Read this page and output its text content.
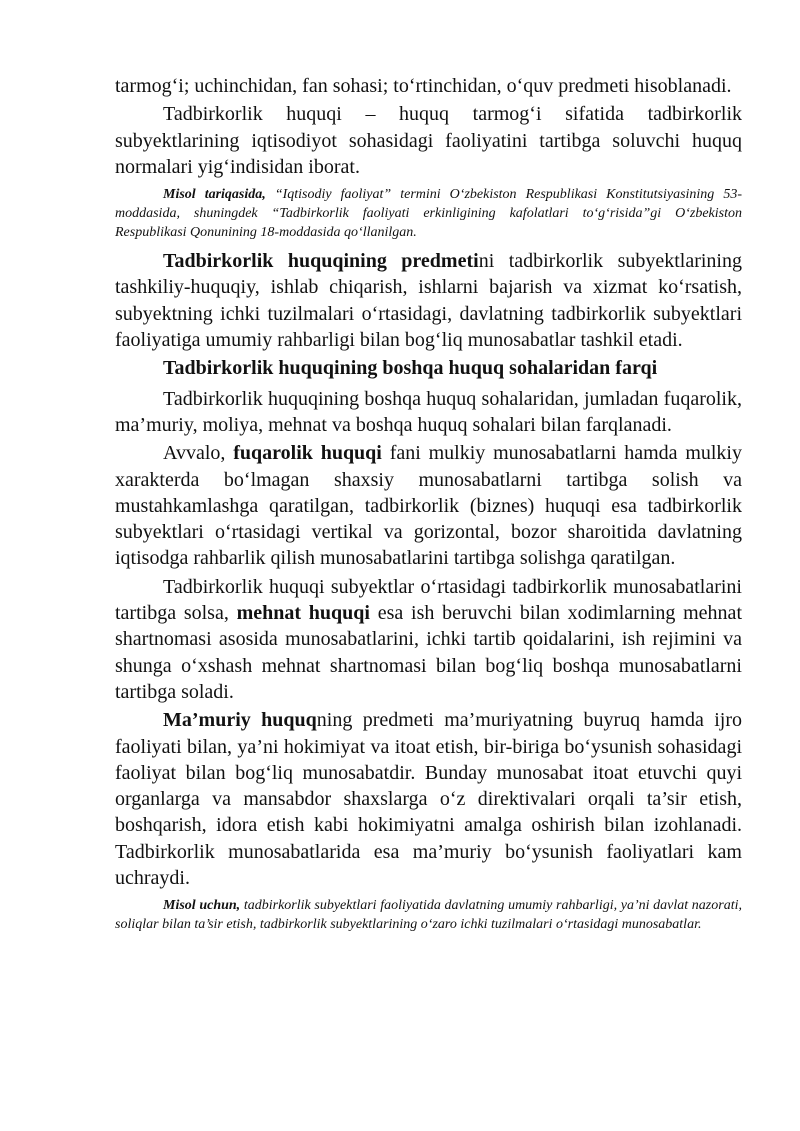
tarmog‘i; uchinchidan, fan sohasi; to‘rtinchidan, o‘quv predmeti hisoblanadi.

Tadbirkorlik huquqi – huquq tarmog‘i sifatida tadbirkorlik subyektlarining iqtisodiyot sohasidagi faoliyatini tartibga soluvchi huquq normalari yig‘indisidan iborat.

Misol tariqasida, “Iqtisodiy faoliyat” termini O‘zbekiston Respublikasi Konstitutsiyasining 53-moddasida, shuningdek “Tadbirkorlik faoliyati erkinligining kafolatlari to‘g‘risida”gi O‘zbekiston Respublikasi Qonunining 18-moddasida qo‘llanilgan.

Tadbirkorlik huquqining predmetini tadbirkorlik subyektlarining tashkiliy-huquqiy, ishlab chiqarish, ishlarni bajarish va xizmat ko‘rsatish, subyektning ichki tuzilmalari o‘rtasidagi, davlatning tadbirkorlik subyektlari faoliyatiga umumiy rahbarligi bilan bog‘liq munosabatlar tashkil etadi.

Tadbirkorlik huquqining boshqa huquq sohalaridan farqi

Tadbirkorlik huquqining boshqa huquq sohalaridan, jumladan fuqarolik, ma’muriy, moliya, mehnat va boshqa huquq sohalari bilan farqlanadi.

Avvalo, fuqarolik huquqi fani mulkiy munosabatlarni hamda mulkiy xarakterda bo‘lmagan shaxsiy munosabatlarni tartibga solish va mustahkamlashga qaratilgan, tadbirkorlik (biznes) huquqi esa tadbirkorlik subyektlari o‘rtasidagi vertikal va gorizontal, bozor sharoitida davlatning iqtisodga rahbarlik qilish munosabatlarini tartibga solishga qaratilgan.

Tadbirkorlik huquqi subyektlar o‘rtasidagi tadbirkorlik munosabatlarini tartibga solsa, mehnat huquqi esa ish beruvchi bilan xodimlarning mehnat shartnomasi asosida munosabatlarini, ichki tartib qoidalarini, ish rejimini va shunga o‘xshash mehnat shartnomasi bilan bog‘liq boshqa munosabatlarni tartibga soladi.

Ma’muriy huquqning predmeti ma’muriyatning buyruq hamda ijro faoliyati bilan, ya’ni hokimiyat va itoat etish, bir-biriga bo‘ysunish sohasidagi faoliyat bilan bog‘liq munosabatdir. Bunday munosabat itoat etuvchi quyi organlarga va mansabdor shaxslarga o‘z direktivalari orqali ta’sir etish, boshqarish, idora etish kabi hokimiyatni amalga oshirish bilan izohlanadi. Tadbirkorlik munosabatlarida esa ma’muriy bo‘ysunish faoliyatlari kam uchraydi.

Misol uchun, tadbirkorlik subyektlari faoliyatida davlatning umumiy rahbarligi, ya’ni davlat nazorati, soliqlar bilan ta’sir etish, tadbirkorlik subyektlarining o‘zaro ichki tuzilmalari o‘rtasidagi munosabatlar.
